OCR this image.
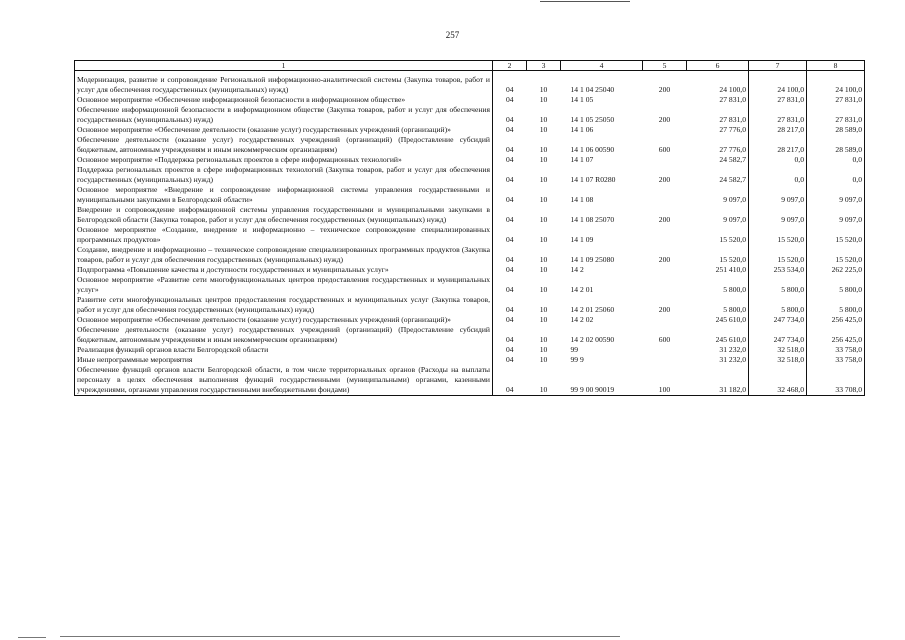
257
1	2	3	4	5	6	7	8

Модернизация, развитие и сопровождение Региональной информационно-аналитической системы (Закупка товаров, работ и услуг для обеспечения государственных (муниципальных) нужд)	04	10	14 1 04 25040	200	24 100,0	24 100,0	24 100,0
Основное мероприятие «Обеспечение информационной безопасности в информационном обществе»	04	10	14 1 05		27 831,0	27 831,0	27 831,0
Обеспечение информационной безопасности в информационном обществе (Закупка товаров, работ и услуг для обеспечения государственных (муниципальных) нужд)	04	10	14 1 05 25050	200	27 831,0	27 831,0	27 831,0
Основное мероприятие «Обеспечение деятельности (оказание услуг) государственных учреждений (организаций)»	04	10	14 1 06		27 776,0	28 217,0	28 589,0
Обеспечение деятельности (оказание услуг) государственных учреждений (организаций) (Предоставление субсидий бюджетным, автономным учреждениям и иным некоммерческим организациям)	04	10	14 1 06 00590	600	27 776,0	28 217,0	28 589,0
Основное мероприятие «Поддержка региональных проектов в сфере информационных технологий»	04	10	14 1 07		24 582,7	0,0	0,0
Поддержка региональных проектов в сфере информационных технологий (Закупка товаров, работ и услуг для обеспечения государственных (муниципальных) нужд)	04	10	14 1 07 R0280	200	24 582,7	0,0	0,0
Основное мероприятие «Внедрение и сопровождение информационной системы управления государственными и муниципальными закупками в Белгородской области»	04	10	14 1 08		9 097,0	9 097,0	9 097,0
Внедрение и сопровождение информационной системы управления государственными и муниципальными закупками в Белгородской области (Закупка товаров, работ и услуг для обеспечения государственных (муниципальных) нужд)	04	10	14 1 08 25070	200	9 097,0	9 097,0	9 097,0
Основное мероприятие «Создание, внедрение и информационно – техническое сопровождение специализированных программных продуктов»	04	10	14 1 09		15 520,0	15 520,0	15 520,0
Создание, внедрение и информационно – техническое сопровождение специализированных программных продуктов (Закупка товаров, работ и услуг для обеспечения государственных (муниципальных) нужд)	04	10	14 1 09 25080	200	15 520,0	15 520,0	15 520,0
Подпрограмма «Повышение качества и доступности государственных и муниципальных услуг»	04	10	14 2		251 410,0	253 534,0	262 225,0
Основное мероприятие «Развитие сети многофункциональных центров предоставления государственных и муниципальных услуг»	04	10	14 2 01		5 800,0	5 800,0	5 800,0
Развитие сети многофункциональных центров предоставления государственных и муниципальных услуг (Закупка товаров, работ и услуг для обеспечения государственных (муниципальных) нужд)	04	10	14 2 01 25060	200	5 800,0	5 800,0	5 800,0
Основное мероприятие «Обеспечение деятельности (оказание услуг) государственных учреждений (организаций)»	04	10	14 2 02		245 610,0	247 734,0	256 425,0
Обеспечение деятельности (оказание услуг) государственных учреждений (организаций) (Предоставление субсидий бюджетным, автономным учреждениям и иным некоммерческим организациям)	04	10	14 2 02 00590	600	245 610,0	247 734,0	256 425,0
Реализация функций органов власти Белгородской области	04	10	99		31 232,0	32 518,0	33 758,0
Иные непрограммные мероприятия	04	10	99 9		31 232,0	32 518,0	33 758,0
Обеспечение функций органов власти Белгородской области, в том числе территориальных органов (Расходы на выплаты персоналу в целях обеспечения выполнения функций государственными (муниципальными) органами, казенными учреждениями, органами управления государственными внебюджетными фондами)	04	10	99 9 00 90019	100	31 182,0	32 468,0	33 708,0
